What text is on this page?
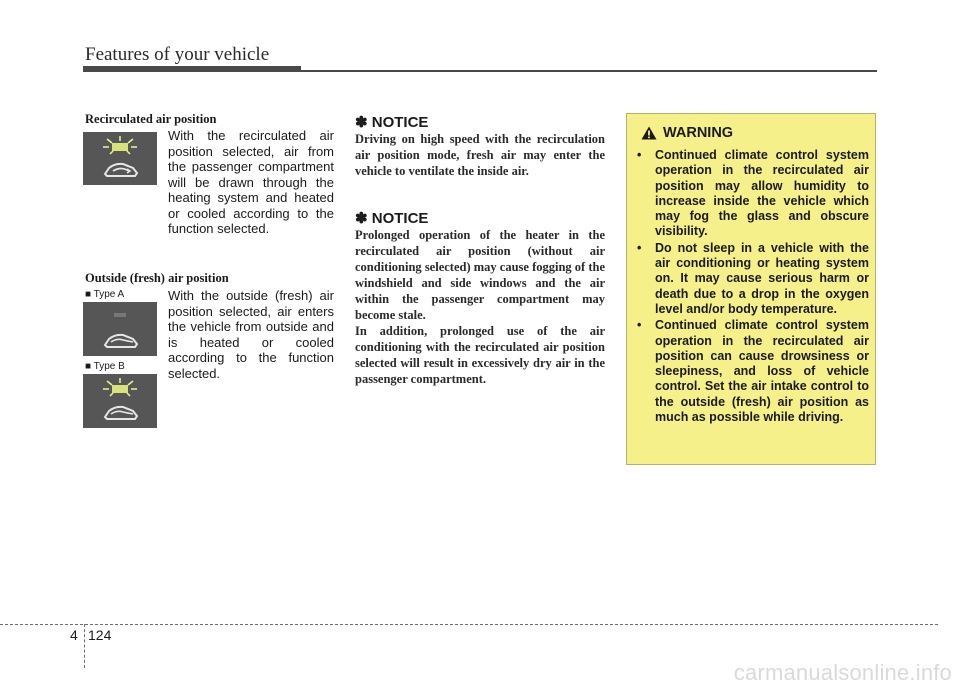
Features of your vehicle
Recirculated air position
With the recirculated air position selected, air from the passenger compartment will be drawn through the heating system and heated or cooled according to the function selected.
Outside (fresh) air position
■ Type A
■ Type B
With the outside (fresh) air position selected, air enters the vehicle from outside and is heated or cooled according to the function selected.
✽ NOTICE

Driving on high speed with the recirculation air position mode, fresh air may enter the vehicle to ventilate the inside air.

✽ NOTICE

Prolonged operation of the heater in the recirculated air position (without air conditioning selected) may cause fogging of the windshield and side windows and the air within the passenger compartment may become stale.

In addition, prolonged use of the air conditioning with the recirculated air position selected will result in excessively dry air in the passenger compartment.

WARNING
• Continued climate control system operation in the recirculated air position may allow humidity to increase inside the vehicle which may fog the glass and obscure visibility.
• Do not sleep in a vehicle with the air conditioning or heating system on. It may cause serious harm or death due to a drop in the oxygen level and/or body temperature.
• Continued climate control system operation in the recirculated air position can cause drowsiness or sleepiness, and loss of vehicle control. Set the air intake control to the outside (fresh) air position as much as possible while driving.
4 124
carmanualsonline.info
